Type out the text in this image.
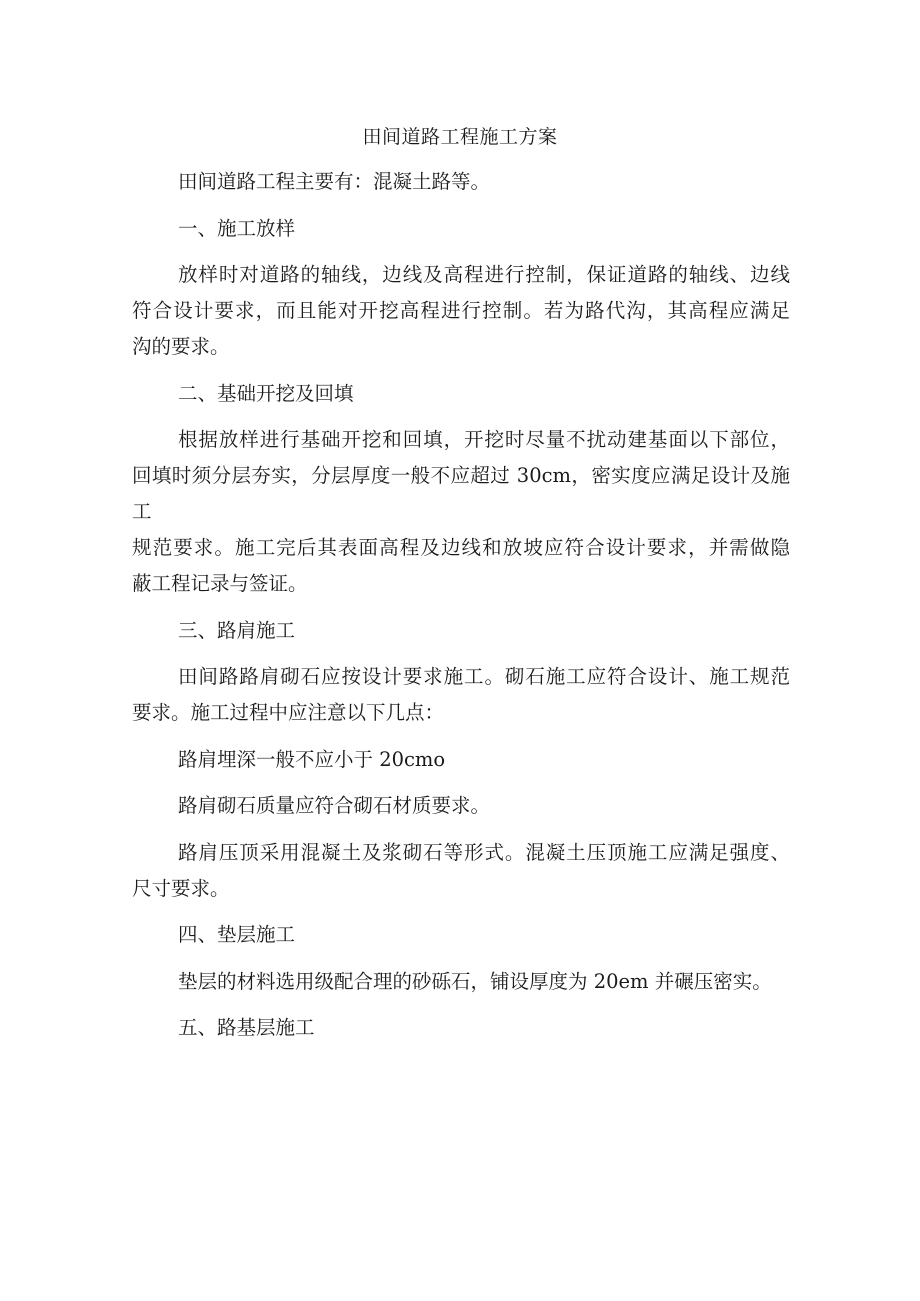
田间道路工程施工方案

田间道路工程主要有：混凝土路等。

一、施工放样

放样时对道路的轴线，边线及高程进行控制，保证道路的轴线、边线
符合设计要求，而且能对开挖高程进行控制。若为路代沟，其高程应满足
沟的要求。

二、基础开挖及回填

根据放样进行基础开挖和回填，开挖时尽量不扰动建基面以下部位，
回填时须分层夯实，分层厚度一般不应超过 30cm，密实度应满足设计及施工
规范要求。施工完后其表面高程及边线和放坡应符合设计要求，并需做隐
蔽工程记录与签证。

三、路肩施工

田间路路肩砌石应按设计要求施工。砌石施工应符合设计、施工规范
要求。施工过程中应注意以下几点：

路肩埋深一般不应小于 20cmo

路肩砌石质量应符合砌石材质要求。

路肩压顶采用混凝土及浆砌石等形式。混凝土压顶施工应满足强度、
尺寸要求。

四、垫层施工

垫层的材料选用级配合理的砂砾石，铺设厚度为 20em 并碾压密实。

五、路基层施工
